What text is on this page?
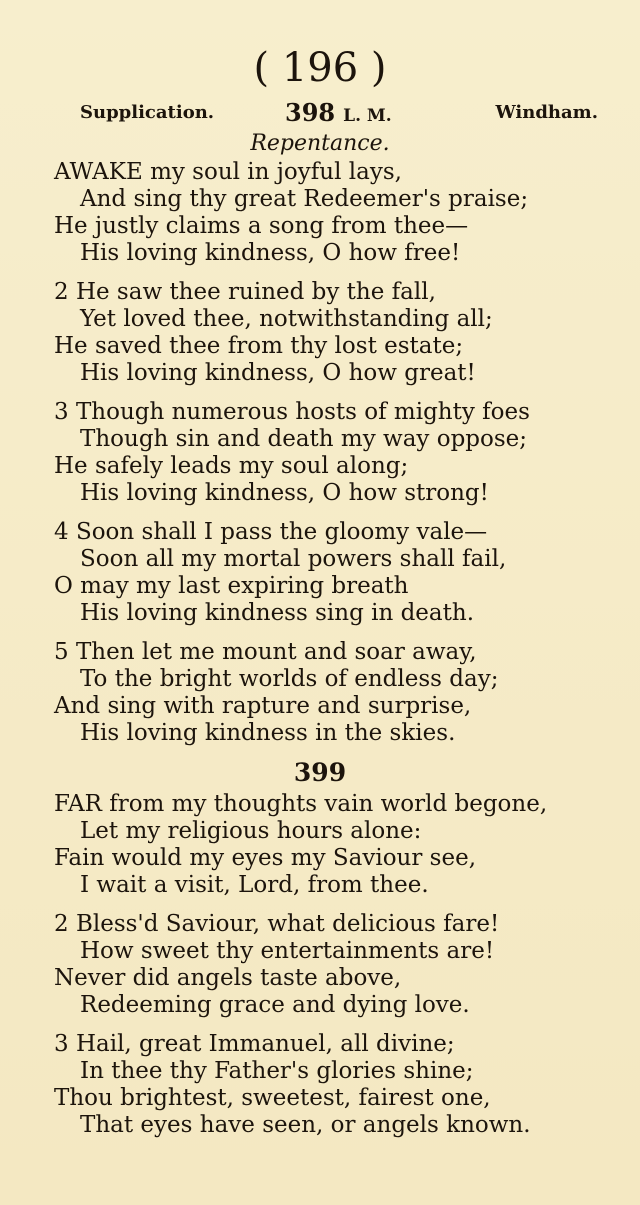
( 196 )
Supplication.	398 L. M.	Windham.
Repentance.
AWAKE my soul in joyful lays,
And sing thy great Redeemer's praise;
He justly claims a song from thee—
His loving kindness, O how free!
2 He saw thee ruined by the fall,
Yet loved thee, notwithstanding all;
He saved thee from thy lost estate;
His loving kindness, O how great!
3 Though numerous hosts of mighty foes
Though sin and death my way oppose;
He safely leads my soul along;
His loving kindness, O how strong!
4 Soon shall I pass the gloomy vale—
Soon all my mortal powers shall fail,
O may my last expiring breath
His loving kindness sing in death.
5 Then let me mount and soar away,
To the bright worlds of endless day;
And sing with rapture and surprise,
His loving kindness in the skies.
399
FAR from my thoughts vain world begone,
Let my religious hours alone:
Fain would my eyes my Saviour see,
I wait a visit, Lord, from thee.
2 Bless'd Saviour, what delicious fare!
How sweet thy entertainments are!
Never did angels taste above,
Redeeming grace and dying love.
3 Hail, great Immanuel, all divine;
In thee thy Father's glories shine;
Thou brightest, sweetest, fairest one,
That eyes have seen, or angels known.
